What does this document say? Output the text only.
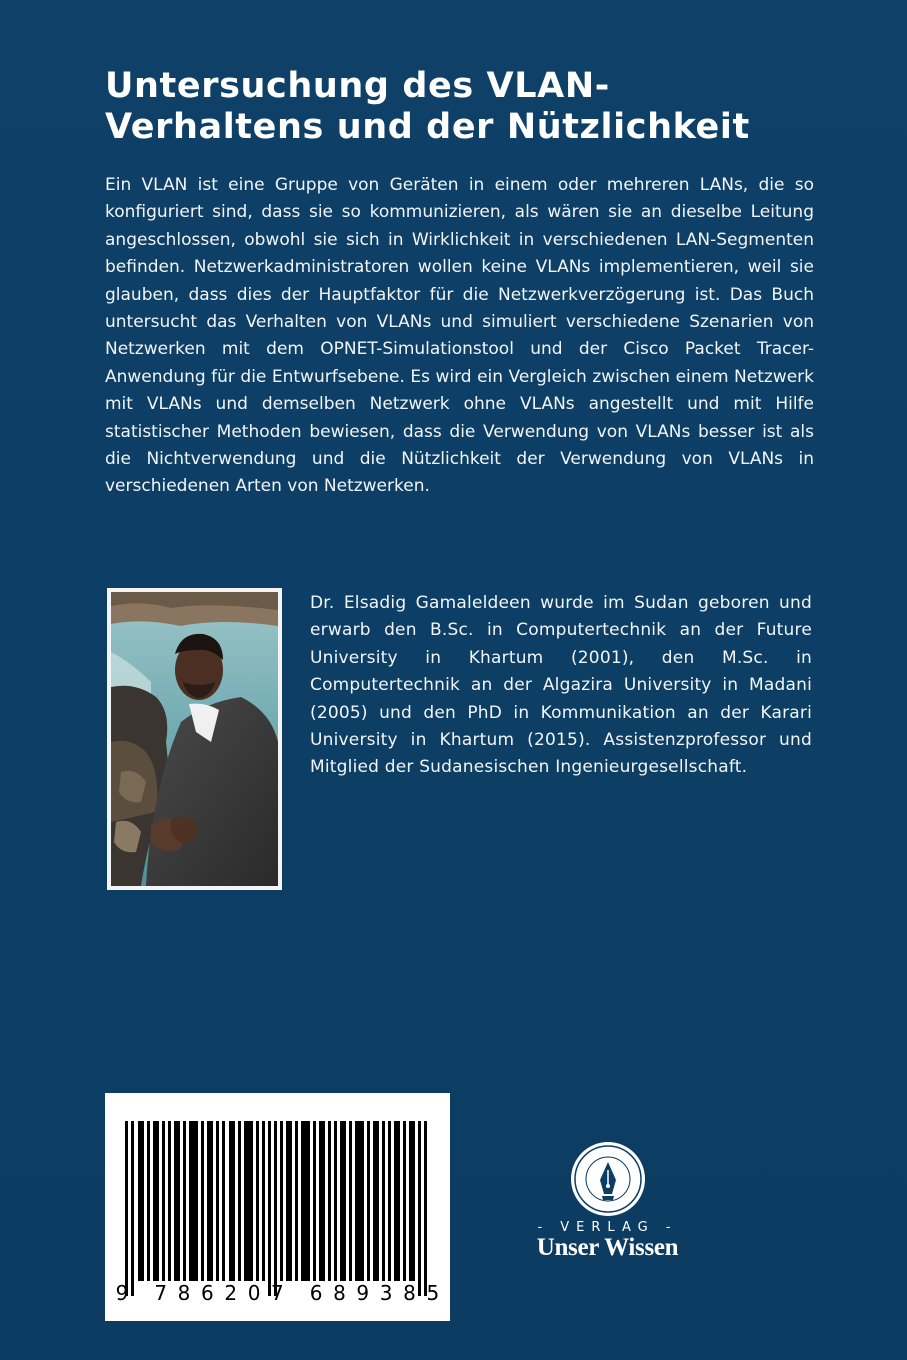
Untersuchung des VLAN-
Verhaltens und der Nützlichkeit

Ein VLAN ist eine Gruppe von Geräten in einem oder mehreren LANs, die so konfiguriert sind, dass sie so kommunizieren, als wären sie an dieselbe Leitung angeschlossen, obwohl sie sich in Wirklichkeit in verschiedenen LAN-Segmenten befinden. Netzwerkadministratoren wollen keine VLANs implementieren, weil sie glauben, dass dies der Hauptfaktor für die Netzwerkverzögerung ist. Das Buch untersucht das Verhalten von VLANs und simuliert verschiedene Szenarien von Netzwerken mit dem OPNET-Simulationstool und der Cisco Packet Tracer-Anwendung für die Entwurfsebene. Es wird ein Vergleich zwischen einem Netzwerk mit VLANs und demselben Netzwerk ohne VLANs angestellt und mit Hilfe statistischer Methoden bewiesen, dass die Verwendung von VLANs besser ist als die Nichtverwendung und die Nützlichkeit der Verwendung von VLANs in verschiedenen Arten von Netzwerken.

Dr. Elsadig Gamaleldeen wurde im Sudan geboren und erwarb den B.Sc. in Computertechnik an der Future University in Khartum (2001), den M.Sc. in Computertechnik an der Algazira University in Madani (2005) und den PhD in Kommunikation an der Karari University in Khartum (2015). Assistenzprofessor und Mitglied der Sudanesischen Ingenieurgesellschaft.

9 7 8 6 2 0 7 6 8 9 3 8 5
- VERLAG -
Unser Wissen
